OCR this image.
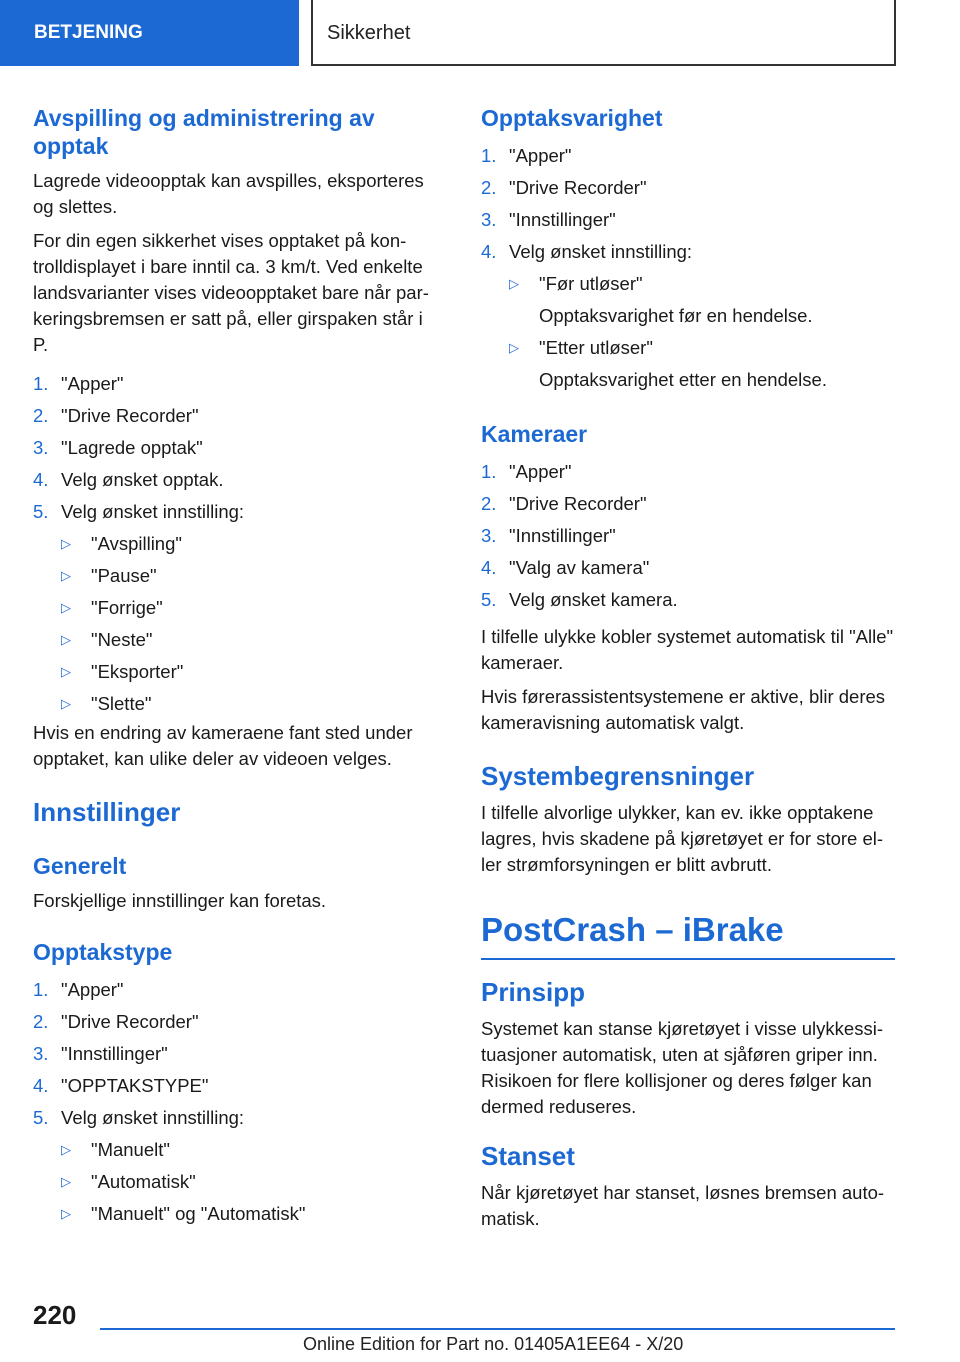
BETJENING	Sikkerhet
Avspilling og administrering av opptak

Lagrede videoopptak kan avspilles, eksporteres og slettes.

For din egen sikkerhet vises opptaket på kon-trolldisplayet i bare inntil ca. 3 km/t. Ved enkelte landsvarianter vises videoopptaket bare når par-keringsbremsen er satt på, eller girspaken står i P.

1. "Apper"
2. "Drive Recorder"
3. "Lagrede opptak"
4. Velg ønsket opptak.
5. Velg ønsket innstilling:
▷	"Avspilling"
▷	"Pause"
▷	"Forrige"
▷	"Neste"
▷	"Eksporter"
▷	"Slette"

Hvis en endring av kameraene fant sted under opptaket, kan ulike deler av videoen velges.

Innstillinger
Generelt

Forskjellige innstillinger kan foretas.

Opptakstype
1. "Apper"
2. "Drive Recorder"
3. "Innstillinger"
4. "OPPTAKSTYPE"
5. Velg ønsket innstilling:
▷	"Manuelt"
▷	"Automatisk"
▷	"Manuelt" og "Automatisk"
Opptaksvarighet
1. "Apper"
2. "Drive Recorder"
3. "Innstillinger"
4. Velg ønsket innstilling:
▷	"Før utløser"
Opptaksvarighet før en hendelse.
▷	"Etter utløser"
Opptaksvarighet etter en hendelse.
Kameraer
1. "Apper"
2. "Drive Recorder"
3. "Innstillinger"
4. "Valg av kamera"
5. Velg ønsket kamera.

I tilfelle ulykke kobler systemet automatisk til "Alle" kameraer.

Hvis førerassistentsystemene er aktive, blir deres kameravisning automatisk valgt.

Systembegrensninger

I tilfelle alvorlige ulykker, kan ev. ikke opptakene lagres, hvis skadene på kjøretøyet er for store el-ler strømforsyningen er blitt avbrutt.

PostCrash – iBrake
Prinsipp

Systemet kan stanse kjøretøyet i visse ulykkessi-tuasjoner automatisk, uten at sjåføren griper inn. Risikoen for flere kollisjoner og deres følger kan dermed reduseres.

Stanset

Når kjøretøyet har stanset, løsnes bremsen auto-matisk.

220
Online Edition for Part no. 01405A1EE64 - X/20
